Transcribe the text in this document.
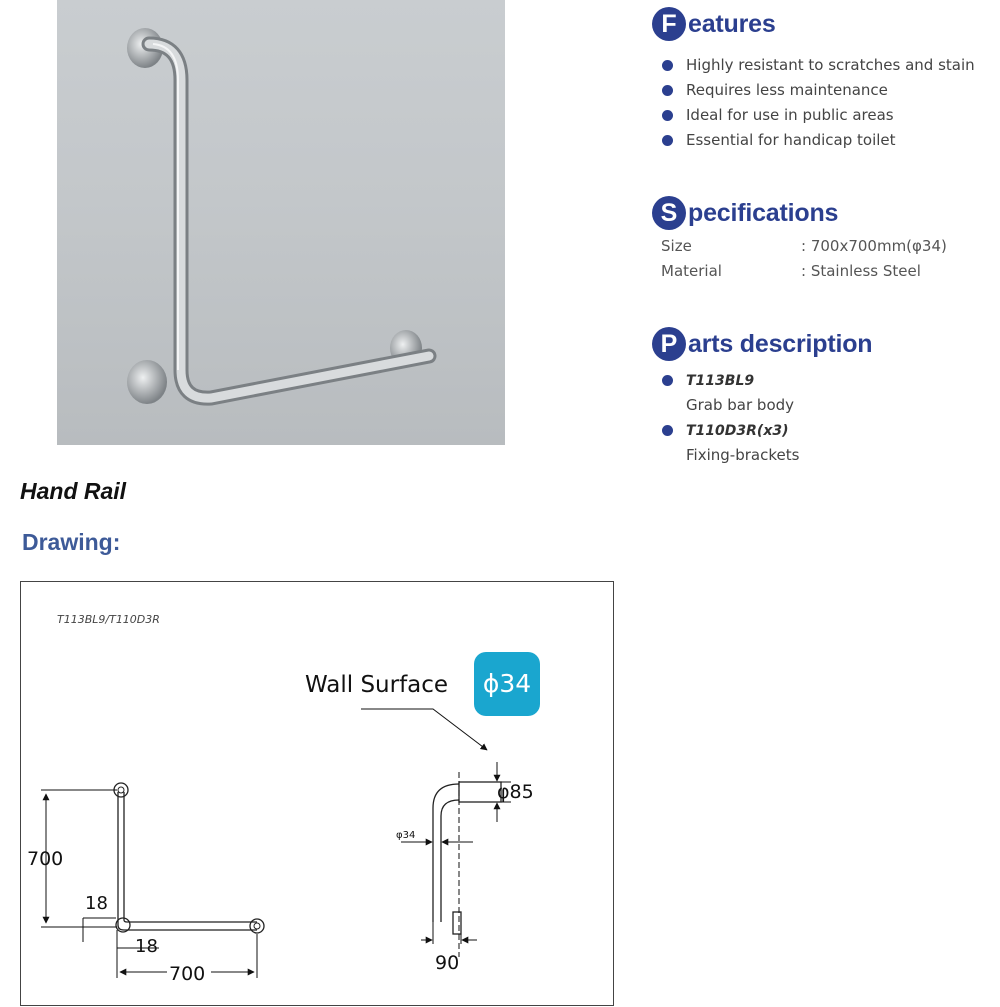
F eatures
Highly resistant to scratches and stain
Requires less maintenance
Ideal for use in public areas
Essential for handicap toilet
S pecifications
Size	: 700x700mm(φ34)
Material	: Stainless Steel
P arts description
T113BL9
Grab bar body
T110D3R(x3)
Fixing-brackets
Hand Rail
Drawing:
T113BL9/T110D3R
Wall Surface ϕ34
700
18
18
700
φ85
φ34
90
